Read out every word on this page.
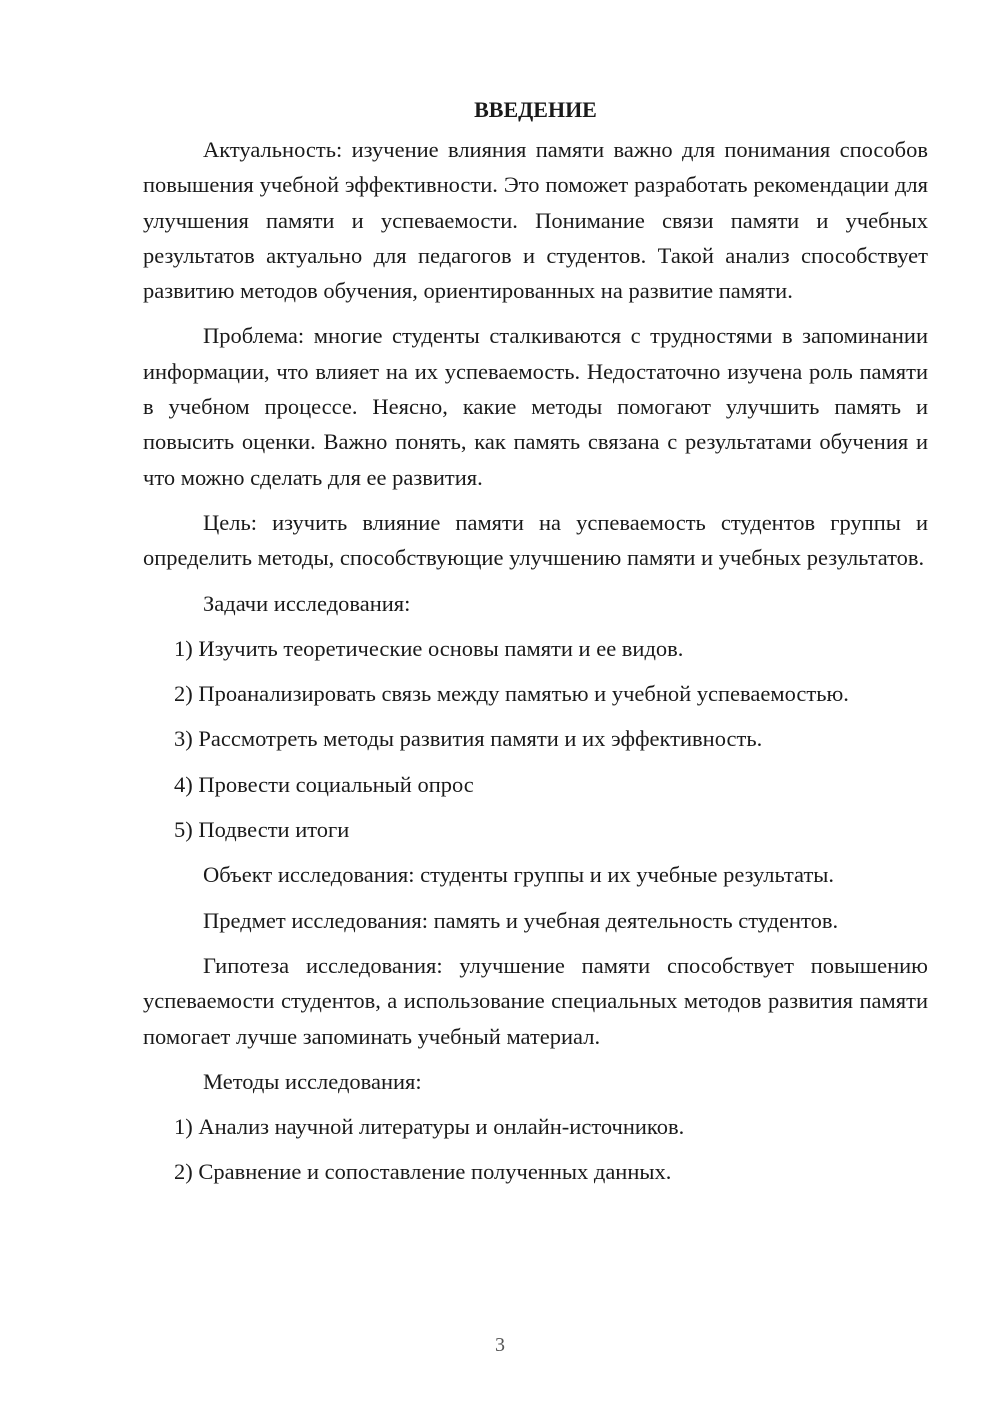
ВВЕДЕНИЕ

Актуальность: изучение влияния памяти важно для понимания способов повышения учебной эффективности. Это поможет разработать рекомендации для улучшения памяти и успеваемости. Понимание связи памяти и учебных результатов актуально для педагогов и студентов. Такой анализ способствует развитию методов обучения, ориентированных на развитие памяти.

Проблема: многие студенты сталкиваются с трудностями в запоминании информации, что влияет на их успеваемость. Недостаточно изучена роль памяти в учебном процессе. Неясно, какие методы помогают улучшить память и повысить оценки. Важно понять, как память связана с результатами обучения и что можно сделать для ее развития.

Цель: изучить влияние памяти на успеваемость студентов группы и определить методы, способствующие улучшению памяти и учебных результатов.

Задачи исследования:

1) Изучить теоретические основы памяти и ее видов.

2) Проанализировать связь между памятью и учебной успеваемостью.

3) Рассмотреть методы развития памяти и их эффективность.

4) Провести социальный опрос

5) Подвести итоги

Объект исследования: студенты группы и их учебные результаты.

Предмет исследования: память и учебная деятельность студентов.

Гипотеза исследования: улучшение памяти способствует повышению успеваемости студентов, а использование специальных методов развития памяти помогает лучше запоминать учебный материал.

Методы исследования:

1) Анализ научной литературы и онлайн-источников.

2) Сравнение и сопоставление полученных данных.

3
